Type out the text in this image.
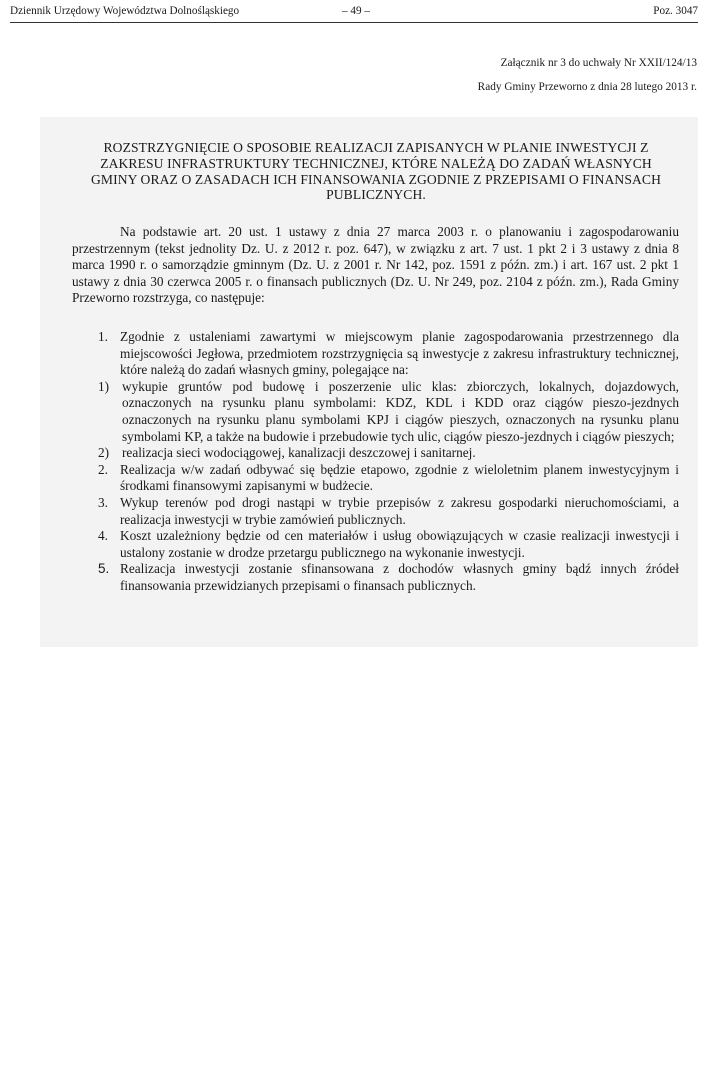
Dziennik Urzędowy Województwa Dolnośląskiego	– 49 –	Poz. 3047
Załącznik nr 3 do uchwały Nr XXII/124/13
Rady Gminy Przeworno z dnia 28 lutego 2013 r.
ROZSTRZYGNIĘCIE O SPOSOBIE REALIZACJI ZAPISANYCH W PLANIE INWESTYCJI Z ZAKRESU INFRASTRUKTURY TECHNICZNEJ, KTÓRE NALEŻĄ DO ZADAŃ WŁASNYCH GMINY ORAZ O ZASADACH ICH FINANSOWANIA ZGODNIE Z PRZEPISAMI O FINANSACH PUBLICZNYCH.
Na podstawie art. 20 ust. 1 ustawy z dnia 27 marca 2003 r. o planowaniu i zagospodarowaniu przestrzennym (tekst jednolity Dz. U. z 2012 r. poz. 647), w związku z art. 7 ust. 1 pkt 2 i 3 ustawy z dnia 8 marca 1990 r. o samorządzie gminnym (Dz. U. z 2001 r. Nr 142, poz. 1591 z późn. zm.) i art. 167 ust. 2 pkt 1 ustawy z dnia 30 czerwca 2005 r. o finansach publicznych (Dz. U. Nr 249, poz. 2104 z późn. zm.), Rada Gminy Przeworno rozstrzyga, co następuje:
1. Zgodnie z ustaleniami zawartymi w miejscowym planie zagospodarowania przestrzennego dla miejscowości Jegłowa, przedmiotem rozstrzygnięcia są inwestycje z zakresu infrastruktury technicznej, które należą do zadań własnych gminy, polegające na:
1) wykupie gruntów pod budowę i poszerzenie ulic klas: zbiorczych, lokalnych, dojazdowych, oznaczonych na rysunku planu symbolami: KDZ, KDL i KDD oraz ciągów pieszo-jezdnych oznaczonych na rysunku planu symbolami KPJ i ciągów pieszych, oznaczonych na rysunku planu symbolami KP, a także na budowie i przebudowie tych ulic, ciągów pieszo-jezdnych i ciągów pieszych;
2) realizacja sieci wodociągowej, kanalizacji deszczowej i sanitarnej.
2. Realizacja w/w zadań odbywać się będzie etapowo, zgodnie z wieloletnim planem inwestycyjnym i środkami finansowymi zapisanymi w budżecie.
3. Wykup terenów pod drogi nastąpi w trybie przepisów z zakresu gospodarki nieruchomościami, a realizacja inwestycji w trybie zamówień publicznych.
4. Koszt uzależniony będzie od cen materiałów i usług obowiązujących w czasie realizacji inwestycji i ustalony zostanie w drodze przetargu publicznego na wykonanie inwestycji.
5. Realizacja inwestycji zostanie sfinansowana z dochodów własnych gminy bądź innych źródeł finansowania przewidzianych przepisami o finansach publicznych.
